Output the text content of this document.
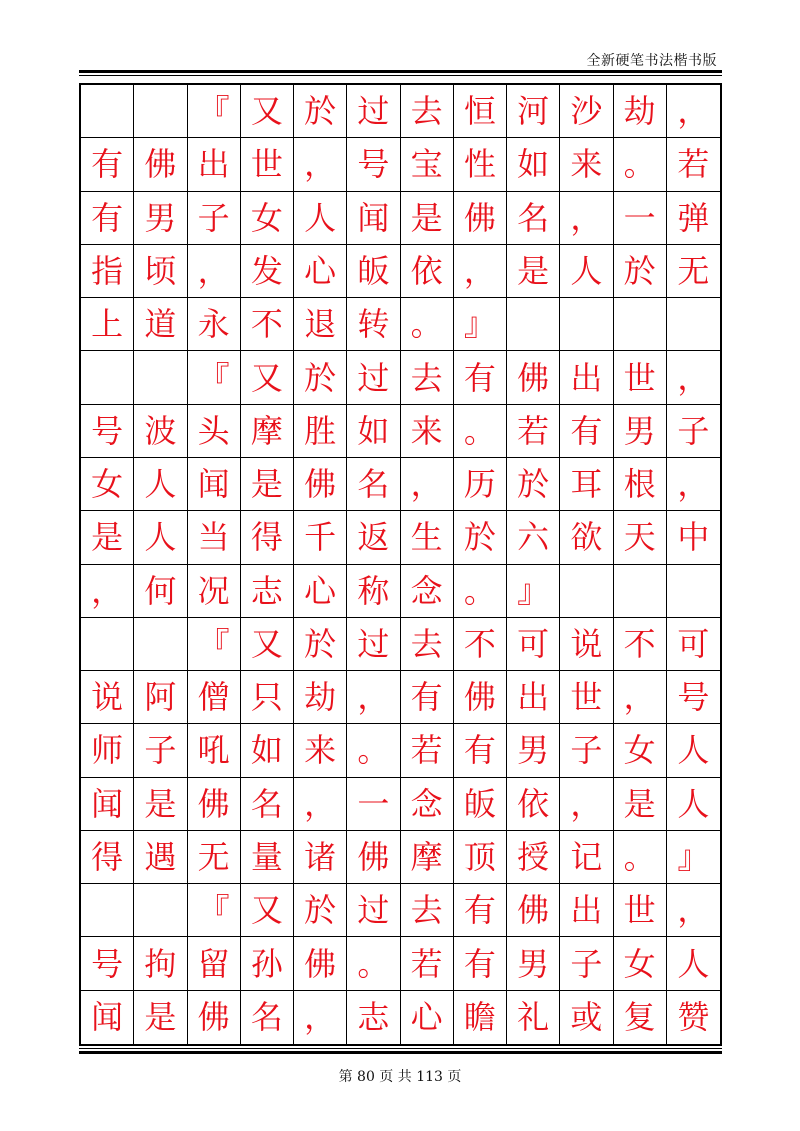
全新硬笔书法楷书版
『 又 於 过 去 恒 河 沙 劫 ，
有 佛 出 世 ， 号 宝 性 如 来 。 若
有 男 子 女 人 闻 是 佛 名 ， 一 弹
指 顷 ， 发 心 皈 依 ， 是 人 於 无
上 道 永 不 退 转 。 』
『 又 於 过 去 有 佛 出 世 ，
号 波 头 摩 胜 如 来 。 若 有 男 子
女 人 闻 是 佛 名 ， 历 於 耳 根 ，
是 人 当 得 千 返 生 於 六 欲 天 中
， 何 况 志 心 称 念 。 』
『 又 於 过 去 不 可 说 不 可
说 阿 僧 只 劫 ， 有 佛 出 世 ， 号
师 子 吼 如 来 。 若 有 男 子 女 人
闻 是 佛 名 ， 一 念 皈 依 ， 是 人
得 遇 无 量 诸 佛 摩 顶 授 记 。 』
『 又 於 过 去 有 佛 出 世 ，
号 拘 留 孙 佛 。 若 有 男 子 女 人
闻 是 佛 名 ， 志 心 瞻 礼 或 复 赞
第 80 页 共 113 页
